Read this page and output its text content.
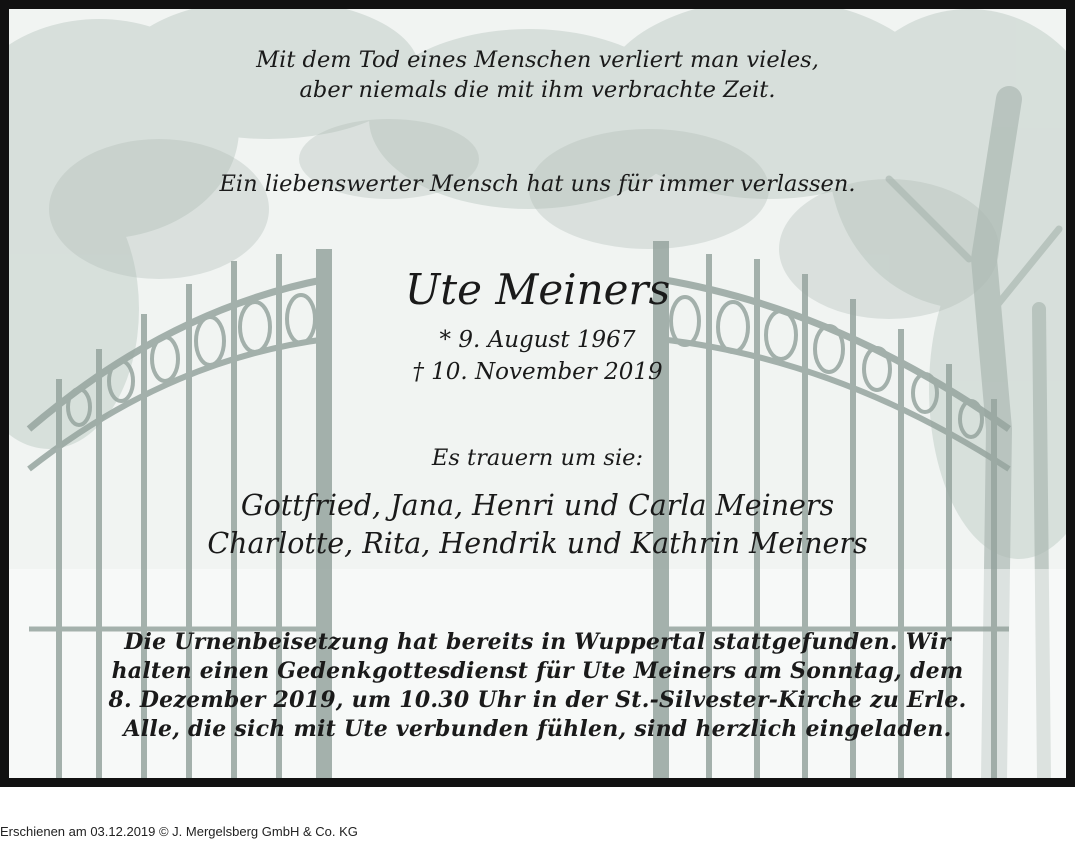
Mit dem Tod eines Menschen verliert man vieles,
aber niemals die mit ihm verbrachte Zeit.
Ein liebenswerter Mensch hat uns für immer verlassen.
Ute Meiners
* 9. August 1967
† 10. November 2019
Es trauern um sie:
Gottfried, Jana, Henri und Carla Meiners
Charlotte, Rita, Hendrik und Kathrin Meiners
Die Urnenbeisetzung hat bereits in Wuppertal stattgefunden. Wir
halten einen Gedenkgottesdienst für Ute Meiners am Sonntag, dem
8. Dezember 2019, um 10.30 Uhr in der St.-Silvester-Kirche zu Erle.
Alle, die sich mit Ute verbunden fühlen, sind herzlich eingeladen.
Erschienen am 03.12.2019 © J. Mergelsberg GmbH & Co. KG
